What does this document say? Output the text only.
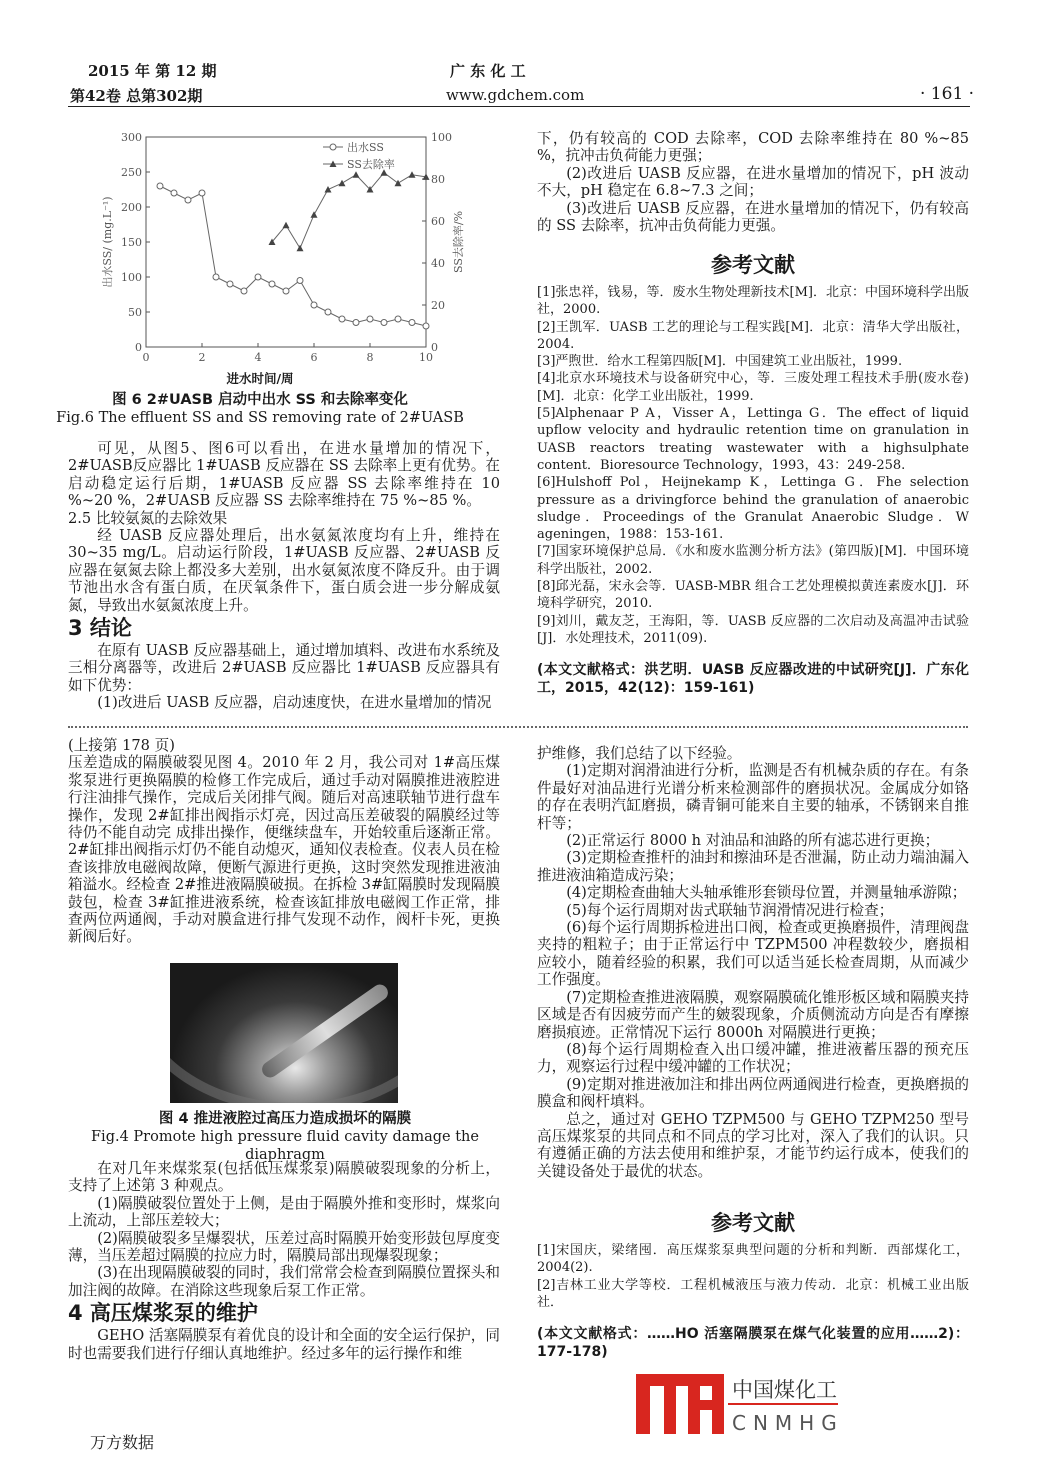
2015 年 第 12 期
第42卷 总第302期
广 东 化 工
www.gdchem.com	· 161 ·
0	2	4	6	8	10
0
50
100
150
200
250
300
0
20
40
60
80
100
出水SS/ (mg.L⁻¹)	SS去除率/%
出水SS
SS去除率
进水时间/周
图 6 2#UASB 启动中出水 SS 和去除率变化
Fig.6 The effluent SS and SS removing rate of 2#UASB
可见，从图5、图6可以看出，在进水量增加的情况下，2#UASB反应器比 1#UASB 反应器在 SS 去除率上更有优势。在启动稳定运行后期，1#UASB 反应器 SS 去除率维持在 10 %~20 %，2#UASB 反应器 SS 去除率维持在 75 %~85 %。
2.5 比较氨氮的去除效果
经 UASB 反应器处理后，出水氨氮浓度均有上升，维持在30~35 mg/L。启动运行阶段，1#UASB 反应器、2#UASB 反应器在氨氮去除上都没多大差别，出水氨氮浓度不降反升。由于调节池出水含有蛋白质，在厌氧条件下，蛋白质会进一步分解成氨氮，导致出水氨氮浓度上升。
3 结论
在原有 UASB 反应器基础上，通过增加填料、改进布水系统及三相分离器等，改进后 2#UASB 反应器比 1#UASB 反应器具有如下优势：
(1)改进后 UASB 反应器，启动速度快，在进水量增加的情况
下，仍有较高的 COD 去除率，COD 去除率维持在 80 %~85 %，抗冲击负荷能力更强；
(2)改进后 UASB 反应器，在进水量增加的情况下，pH 波动不大，pH 稳定在 6.8~7.3 之间；
(3)改进后 UASB 反应器，在进水量增加的情况下，仍有较高的 SS 去除率，抗冲击负荷能力更强。
参考文献
[1]张忠祥，钱易，等．废水生物处理新技术[M]．北京：中国环境科学出版社，2000.
[2]王凯军．UASB 工艺的理论与工程实践[M]．北京：清华大学出版社，2004.
[3]严煦世．给水工程第四版[M]．中国建筑工业出版社，1999.
[4]北京水环境技术与设备研究中心，等．三废处理工程技术手册(废水卷)[M]．北京：化学工业出版社，1999.
[5]Alphenaar P A，Visser A，Lettinga G．The effect of liquid upflow velocity and hydraulic retention time on granulation in UASB reactors treating wastewater with a highsulphate content．Bioresource Technology，1993，43：249-258.
[6]Hulshoff Pol，Heijnekamp K，Lettinga G．Fhe selection pressure as a drivingforce behind the granulation of anaerobic sludge．Proceedings of the Granulat Anaerobic Sludge．W ageningen，1988：153-161.
[7]国家环境保护总局．《水和废水监测分析方法》(第四版)[M]．中国环境科学出版社，2002.
[8]邱光磊，宋永会等．UASB-MBR 组合工艺处理模拟黄连素废水[J]．环境科学研究，2010.
[9]刘川，戴友芝，王海阳，等．UASB 反应器的二次启动及高温冲击试验[J]．水处理技术，2011(09).
(本文文献格式：洪艺明．UASB 反应器改进的中试研究[J]．广东化工，2015，42(12)：159-161)
(上接第 178 页)
压差造成的隔膜破裂见图 4。2010 年 2 月，我公司对 1#高压煤浆泵进行更换隔膜的检修工作完成后，通过手动对隔膜推进液腔进行注油排气操作，完成后关闭排气阀。随后对高速联轴节进行盘车操作，发现 2#缸排出阀指示灯亮，因过高压差破裂的隔膜经过等待仍不能自动完 成排出操作，便继续盘车，开始较重后逐渐正常。2#缸排出阀指示灯仍不能自动熄灭，通知仪表检查。仪表人员在检查该排放电磁阀故障，便断气源进行更换，这时突然发现推进液油箱溢水。经检查 2#推进液隔膜破损。在拆检 3#缸隔膜时发现隔膜鼓包，检查 3#缸推进液系统，检查该缸排放电磁阀工作正常，排查两位两通阀，手动对膜盒进行排气发现不动作，阀杆卡死，更换新阀后好。
图 4 推进液腔过高压力造成损坏的隔膜
Fig.4 Promote high pressure fluid cavity damage the diaphragm
在对几年来煤浆泵(包括低压煤浆泵)隔膜破裂现象的分析上，支持了上述第 3 种观点。
(1)隔膜破裂位置处于上侧，是由于隔膜外推和变形时，煤浆向上流动，上部压差较大；
(2)隔膜破裂多呈爆裂状，压差过高时隔膜开始变形鼓包厚度变薄，当压差超过隔膜的拉应力时，隔膜局部出现爆裂现象；
(3)在出现隔膜破裂的同时，我们常常会检查到隔膜位置探头和加注阀的故障。在消除这些现象后泵工作正常。
4 高压煤浆泵的维护
GEHO 活塞隔膜泵有着优良的设计和全面的安全运行保护，同时也需要我们进行仔细认真地维护。经过多年的运行操作和维
护维修，我们总结了以下经验。
(1)定期对润滑油进行分析，监测是否有机械杂质的存在。有条件最好对油品进行光谱分析来检测部件的磨损状况。金属成分如铬的存在表明汽缸磨损，磷青铜可能来自主要的轴承，不锈钢来自推杆等；
(2)正常运行 8000 h 对油品和油路的所有滤芯进行更换；
(3)定期检查推杆的油封和擦油环是否泄漏，防止动力端油漏入推进液油箱造成污染；
(4)定期检查曲轴大头轴承锥形套锁母位置，并测量轴承游隙；
(5)每个运行周期对齿式联轴节润滑情况进行检查；
(6)每个运行周期拆检进出口阀，检查或更换磨损件，清理阀盘夹持的粗粒子；由于正常运行中 TZPM500 冲程数较少，磨损相应较小，随着经验的积累，我们可以适当延长检查周期，从而减少工作强度。
(7)定期检查推进液隔膜，观察隔膜硫化锥形板区域和隔膜夹持区域是否有因疲劳而产生的皴裂现象，介质侧流动方向是否有摩擦磨损痕迹。正常情况下运行 8000h 对隔膜进行更换；
(8)每个运行周期检查入出口缓冲罐，推进液蓄压器的预充压力，观察运行过程中缓冲罐的工作状况；
(9)定期对推进液加注和排出两位两通阀进行检查，更换磨损的膜盒和阀杆填料。
总之，通过对 GEHO TZPM500 与 GEHO TZPM250 型号高压煤浆泵的共同点和不同点的学习比对，深入了我们的认识。只有遵循正确的方法去使用和维护泵，才能节约运行成本，使我们的关键设备处于最优的状态。
参考文献
[1]宋国庆，梁绪囤．高压煤浆泵典型问题的分析和判断．西部煤化工，2004(2).
[2]吉林工业大学等校．工程机械液压与液力传动．北京：机械工业出版社．
(本文文献格式：……HO 活塞隔膜泵在煤气化装置的应用……2)：177-178)
中国煤化工
CNMHG
万方数据
